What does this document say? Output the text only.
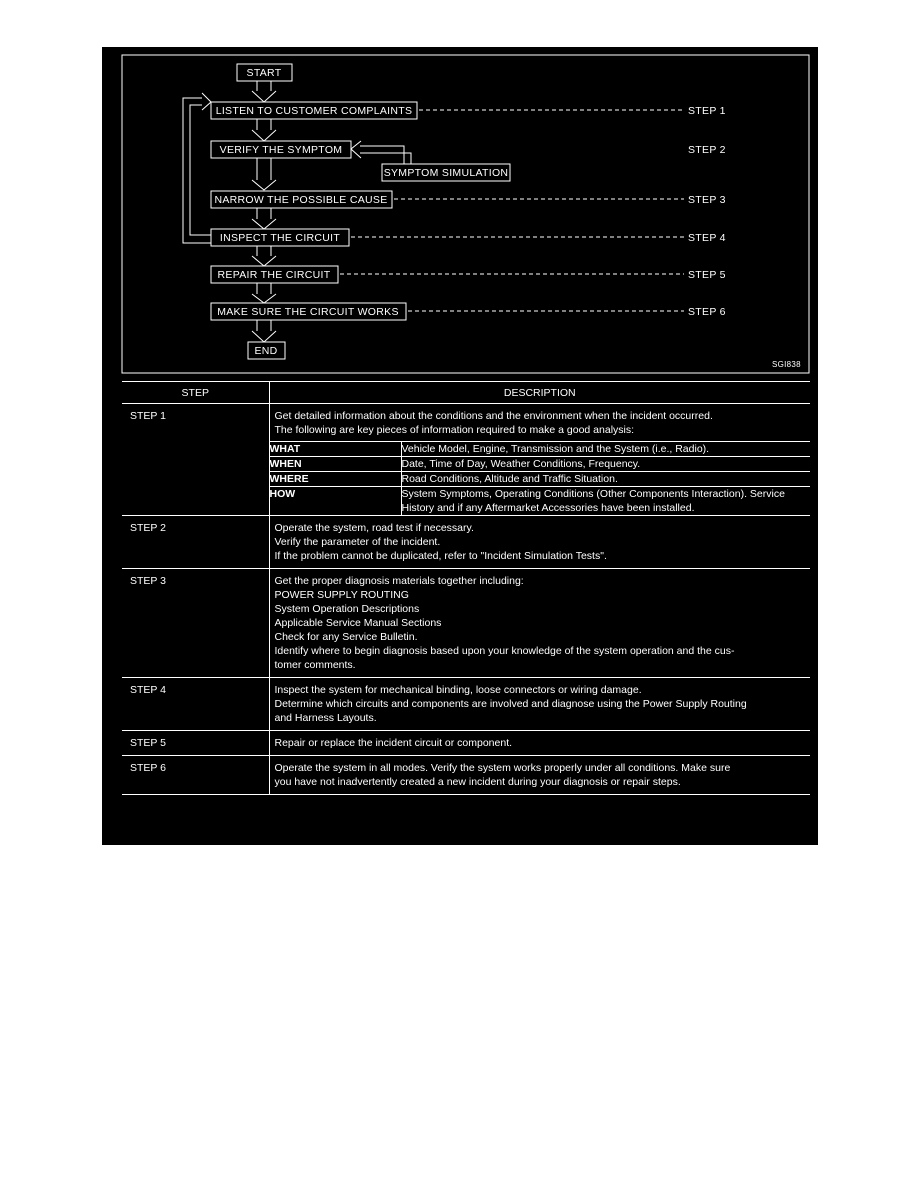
START
LISTEN TO CUSTOMER COMPLAINTS	STEP 1
VERIFY THE SYMPTOM	STEP 2
SYMPTOM SIMULATION
NARROW THE POSSIBLE CAUSE	STEP 3
INSPECT THE CIRCUIT	STEP 4
REPAIR THE CIRCUIT	STEP 5
MAKE SURE THE CIRCUIT WORKS	STEP 6
END
SGI838
STEP	DESCRIPTION
STEP 1	Get detailed information about the conditions and the environment when the incident occurred.
The following are key pieces of information required to make a good analysis:
WHAT	Vehicle Model, Engine, Transmission and the System (i.e., Radio).
WHEN	Date, Time of Day, Weather Conditions, Frequency.
WHERE	Road Conditions, Altitude and Traffic Situation.
HOW	System Symptoms, Operating Conditions (Other Components Interaction). Service History and if any Aftermarket Accessories have been installed.

STEP 2	Operate the system, road test if necessary.
Verify the parameter of the incident.
If the problem cannot be duplicated, refer to "Incident Simulation Tests".

STEP 3	Get the proper diagnosis materials together including:
POWER SUPPLY ROUTING
System Operation Descriptions
Applicable Service Manual Sections
Check for any Service Bulletin.
Identify where to begin diagnosis based upon your knowledge of the system operation and the cus-
tomer comments.

STEP 4	Inspect the system for mechanical binding, loose connectors or wiring damage.
Determine which circuits and components are involved and diagnose using the Power Supply Routing
and Harness Layouts.

STEP 5	Repair or replace the incident circuit or component.

STEP 6	Operate the system in all modes. Verify the system works properly under all conditions. Make sure
you have not inadvertently created a new incident during your diagnosis or repair steps.
